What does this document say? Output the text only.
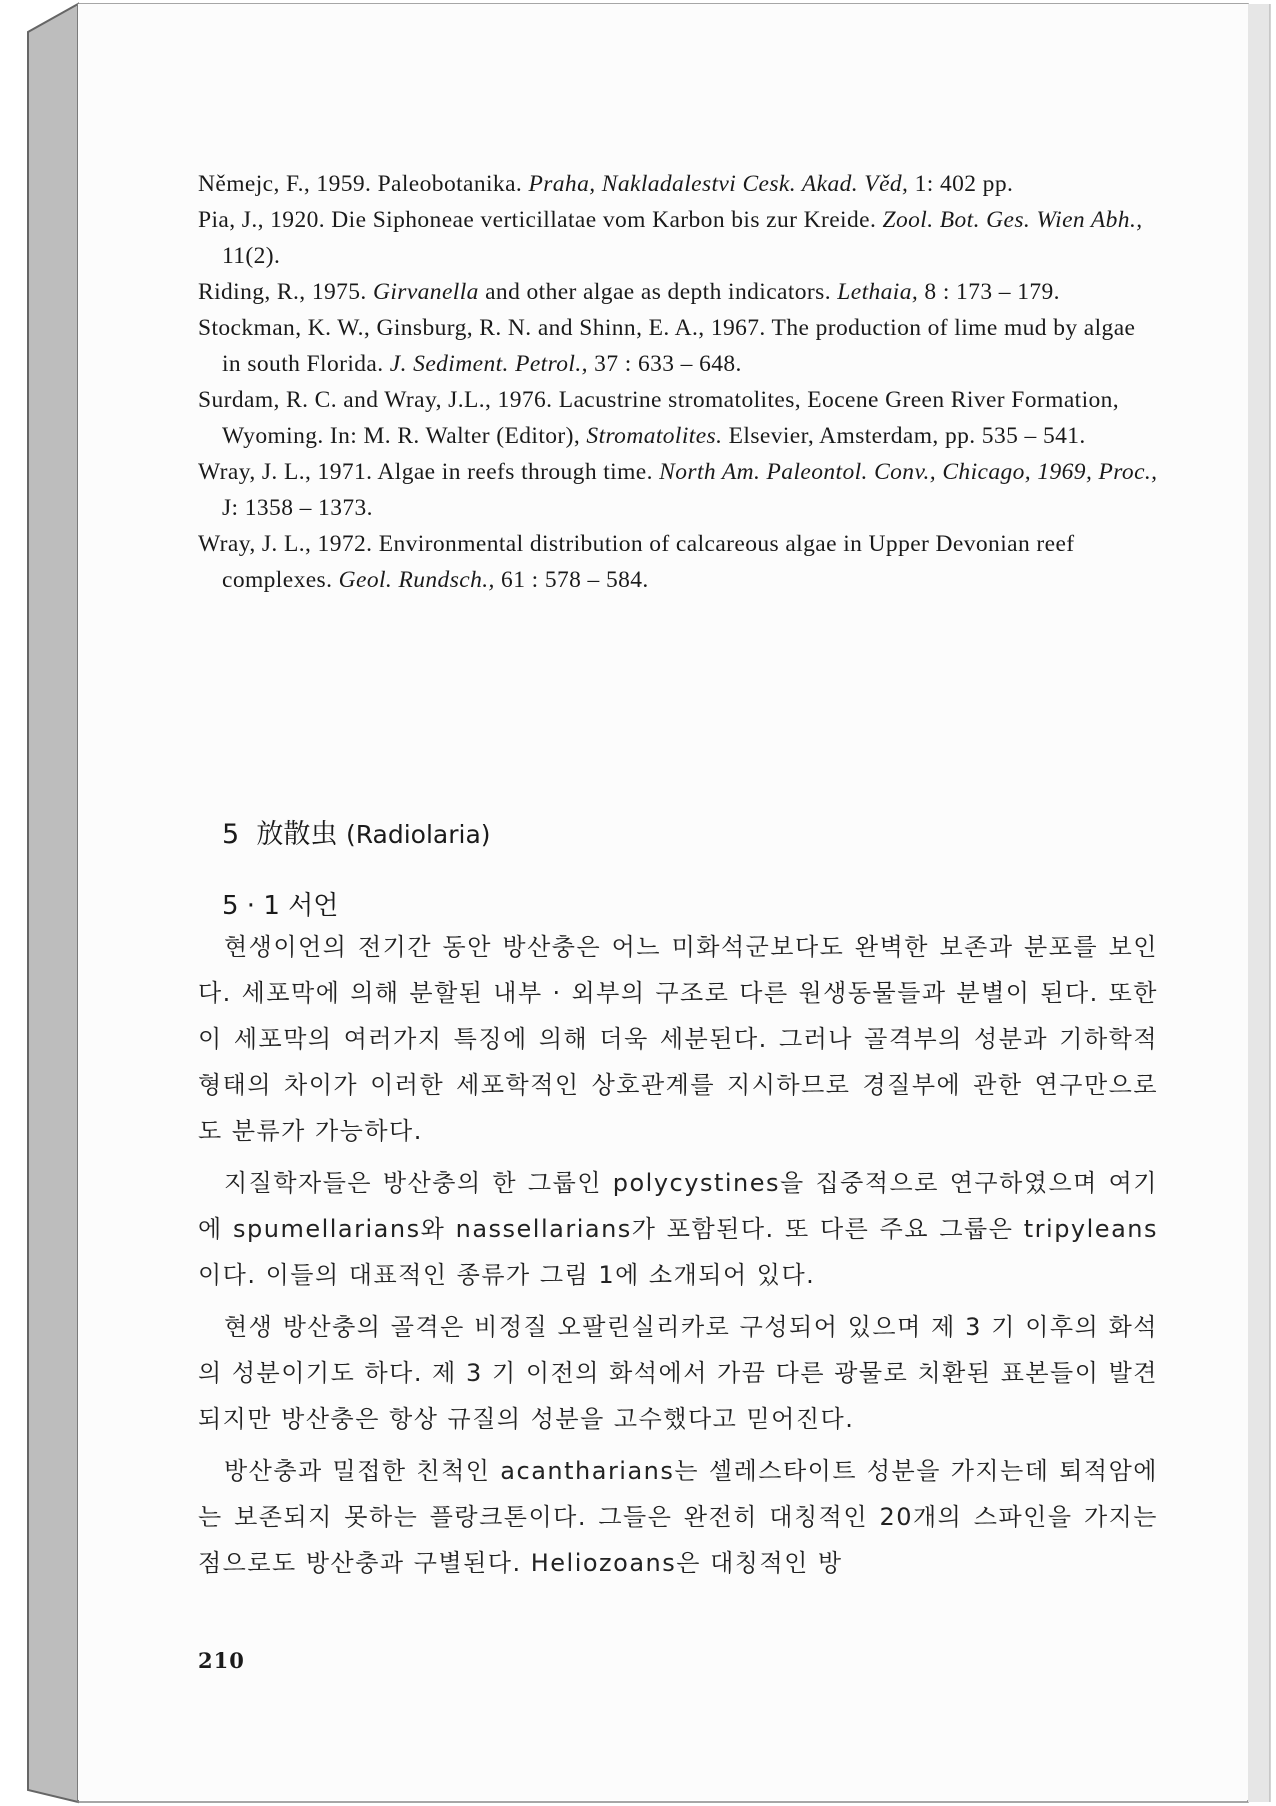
Němejc, F., 1959. Paleobotanika. Praha, Nakladalestvi Cesk. Akad. Věd, 1: 402 pp.

Pia, J., 1920. Die Siphoneae verticillatae vom Karbon bis zur Kreide. Zool. Bot. Ges. Wien Abh., 11(2).

Riding, R., 1975. Girvanella and other algae as depth indicators. Lethaia, 8 : 173 – 179.

Stockman, K. W., Ginsburg, R. N. and Shinn, E. A., 1967. The production of lime mud by algae in south Florida. J. Sediment. Petrol., 37 : 633 – 648.

Surdam, R. C. and Wray, J.L., 1976. Lacustrine stromatolites, Eocene Green River Formation, Wyoming. In: M. R. Walter (Editor), Stromatolites. Elsevier, Amsterdam, pp. 535 – 541.

Wray, J. L., 1971. Algae in reefs through time. North Am. Paleontol. Conv., Chicago, 1969, Proc., J: 1358 – 1373.

Wray, J. L., 1972. Environmental distribution of calcareous algae in Upper Devonian reef complexes. Geol. Rundsch., 61 : 578 – 584.

5 放散虫 (Radiolaria)
5 · 1 서언

현생이언의 전기간 동안 방산충은 어느 미화석군보다도 완벽한 보존과 분포를 보인다. 세포막에 의해 분할된 내부 · 외부의 구조로 다른 원생동물들과 분별이 된다. 또한 이 세포막의 여러가지 특징에 의해 더욱 세분된다. 그러나 골격부의 성분과 기하학적 형태의 차이가 이러한 세포학적인 상호관계를 지시하므로 경질부에 관한 연구만으로도 분류가 가능하다.

지질학자들은 방산충의 한 그룹인 polycystines을 집중적으로 연구하였으며 여기에 spumellarians와 nassellarians가 포함된다. 또 다른 주요 그룹은 tripyleans이다. 이들의 대표적인 종류가 그림 1에 소개되어 있다.

현생 방산충의 골격은 비정질 오팔린실리카로 구성되어 있으며 제 3 기 이후의 화석의 성분이기도 하다. 제 3 기 이전의 화석에서 가끔 다른 광물로 치환된 표본들이 발견되지만 방산충은 항상 규질의 성분을 고수했다고 믿어진다.

방산충과 밀접한 친척인 acantharians는 셀레스타이트 성분을 가지는데 퇴적암에는 보존되지 못하는 플랑크톤이다. 그들은 완전히 대칭적인 20개의 스파인을 가지는 점으로도 방산충과 구별된다. Heliozoans은 대칭적인 방

210
